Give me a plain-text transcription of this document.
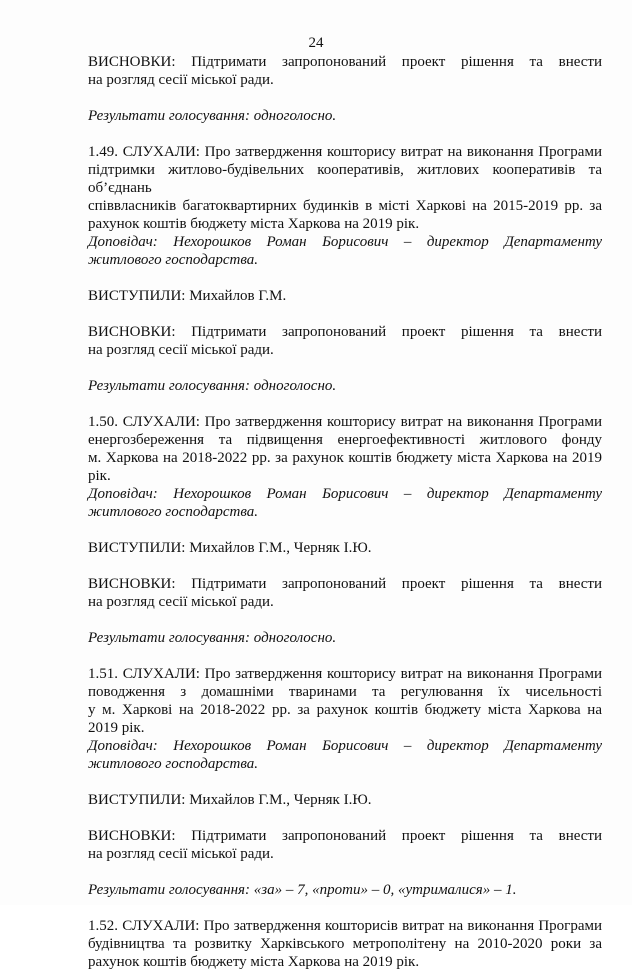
24
ВИСНОВКИ: Підтримати запропонований проект рішення та внести
на розгляд сесії міської ради.
Результати голосування: одноголосно.
1.49. СЛУХАЛИ: Про затвердження кошторису витрат на виконання Програми
підтримки житлово-будівельних кооперативів, житлових кооперативів та об’єднань
співвласників багатоквартирних будинків в місті Харкові на 2015-2019 рр. за
рахунок коштів бюджету міста Харкова на 2019 рік.
Доповідач: Нехорошков Роман Борисович – директор Департаменту
житлового господарства.
ВИСТУПИЛИ: Михайлов Г.М.
ВИСНОВКИ: Підтримати запропонований проект рішення та внести
на розгляд сесії міської ради.
Результати голосування: одноголосно.
1.50. СЛУХАЛИ: Про затвердження кошторису витрат на виконання Програми
енергозбереження та підвищення енергоефективності житлового фонду
м. Харкова на 2018-2022 рр. за рахунок коштів бюджету міста Харкова на 2019
рік.
Доповідач: Нехорошков Роман Борисович – директор Департаменту
житлового господарства.
ВИСТУПИЛИ: Михайлов Г.М., Черняк І.Ю.
ВИСНОВКИ: Підтримати запропонований проект рішення та внести
на розгляд сесії міської ради.
Результати голосування: одноголосно.
1.51. СЛУХАЛИ: Про затвердження кошторису витрат на виконання Програми
поводження з домашніми тваринами та регулювання їх чисельності
у м. Харкові на 2018-2022 рр. за рахунок коштів бюджету міста Харкова на
2019 рік.
Доповідач: Нехорошков Роман Борисович – директор Департаменту
житлового господарства.
ВИСТУПИЛИ: Михайлов Г.М., Черняк І.Ю.
ВИСНОВКИ: Підтримати запропонований проект рішення та внести
на розгляд сесії міської ради.
Результати голосування: «за» – 7, «проти» – 0, «утрималися» – 1.
1.52. СЛУХАЛИ: Про затвердження кошторисів витрат на виконання Програми
будівництва та розвитку Харківського метрополітену на 2010-2020 роки за
рахунок коштів бюджету міста Харкова на 2019 рік.
